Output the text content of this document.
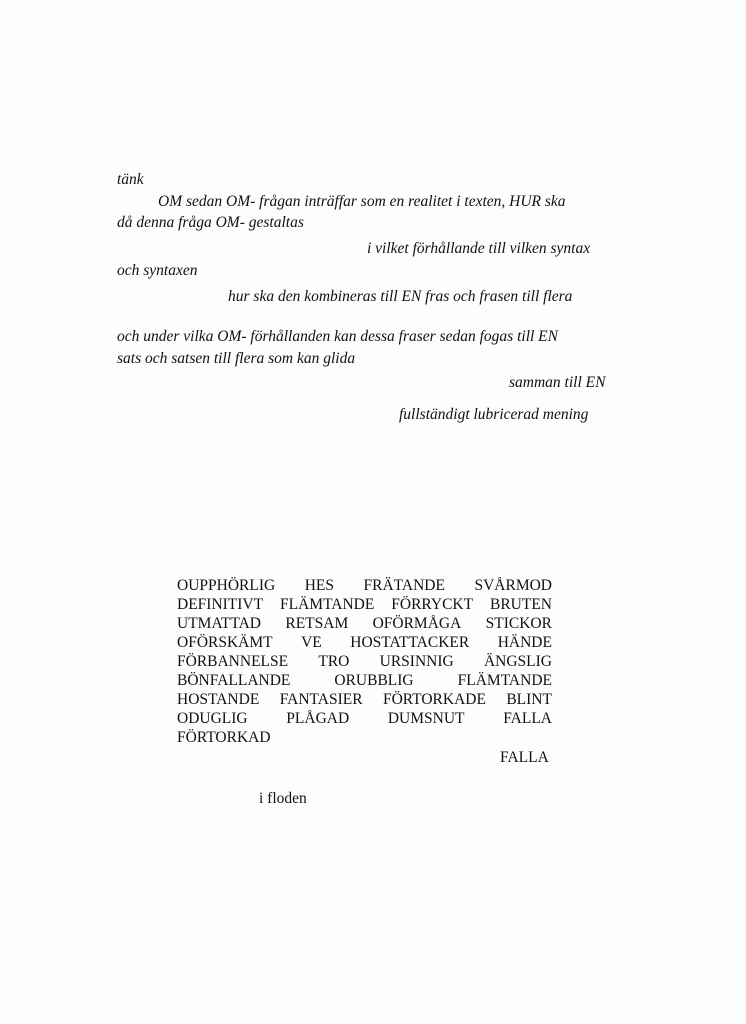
tänk

OM sedan OM- frågan inträffar som en realitet i texten, HUR ska

då denna fråga OM- gestaltas

i vilket förhållande till vilken syntax

och syntaxen

hur ska den kombineras till EN fras och frasen till flera

och under vilka OM- förhållanden kan dessa fraser sedan fogas till EN

sats och satsen till flera som kan glida

samman till EN

fullständigt lubricerad mening

OUPPHÖRLIG HES FRÄTANDE SVÅRMOD
DEFINITIVT FLÄMTANDE FÖRRYCKT BRUTEN
UTMATTAD RETSAM OFÖRMÅGA STICKOR
OFÖRSKÄMT VE HOSTATTACKER HÄNDE
FÖRBANNELSE TRO URSINNIG ÄNGSLIG
BÖNFALLANDE	ORUBBLIG	FLÄMTANDE
HOSTANDE FANTASIER FÖRTORKADE BLINT
ODUGLIG PLÅGAD DUMSNUT FALLA
FÖRTORKAD
FALLA
i floden
